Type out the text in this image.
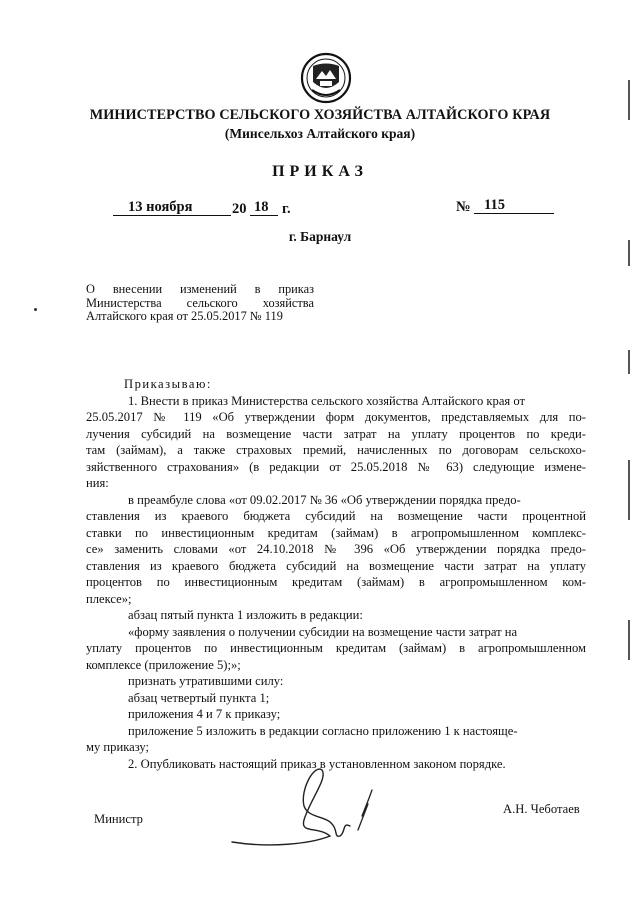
МИНИСТЕРСТВО СЕЛЬСКОГО ХОЗЯЙСТВА АЛТАЙСКОГО КРАЯ
(Минсельхоз Алтайского края)
ПРИКАЗ
13 ноября	20 18 г.	№ 115
г. Барнаул
О внесении изменений в приказ
Министерства сельского хозяйства
Алтайского края от 25.05.2017 № 119
Приказываю:
1. Внести в приказ Министерства сельского хозяйства Алтайского края от
25.05.2017 № 119 «Об утверждении форм документов, представляемых для по-
лучения субсидий на возмещение части затрат на уплату процентов по креди-
там (займам), а также страховых премий, начисленных по договорам сельскохо-
зяйственного страхования» (в редакции от 25.05.2018 № 63) следующие измене-
ния:
в преамбуле слова «от 09.02.2017 № 36 «Об утверждении порядка предо-
ставления из краевого бюджета субсидий на возмещение части процентной
ставки по инвестиционным кредитам (займам) в агропромышленном комплекс-
се» заменить словами «от 24.10.2018 № 396 «Об утверждении порядка предо-
ставления из краевого бюджета субсидий на возмещение части затрат на уплату
процентов по инвестиционным кредитам (займам) в агропромышленном ком-
плексе»;
абзац пятый пункта 1 изложить в редакции:
«форму заявления о получении субсидии на возмещение части затрат на
уплату процентов по инвестиционным кредитам (займам) в агропромышленном
комплексе (приложение 5);»;
признать утратившими силу:
абзац четвертый пункта 1;
приложения 4 и 7 к приказу;
приложение 5 изложить в редакции согласно приложению 1 к настояще-
му приказу;
2. Опубликовать настоящий приказ в установленном законом порядке.
Министр
А.Н. Чеботаев
